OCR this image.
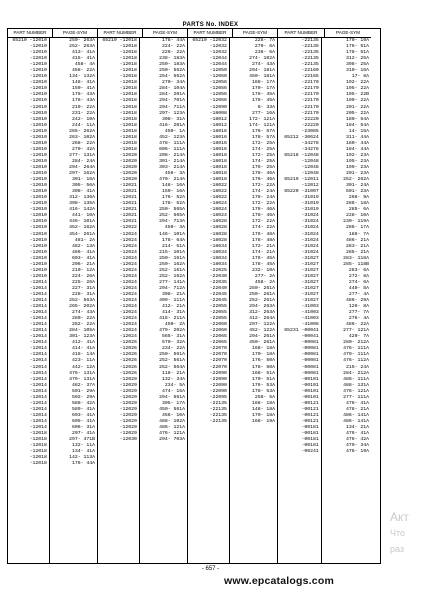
PARTS No. INDEX
PART NUMBER	PAGE-SYM
65210 -12010	250- 263A
-12010	252- 263A
-12010	413- 41A
-12010	415- 41A
-12010	458- 4A
-12010	458- 22A
-12010	134- 132A
-12010	148- 41A
-12010	150- 41A
-12010	178- 43A
-12010	178- 43A
-12010	219- 22A
-12010	231- 22A
-12010	242- 10A
-12010	244- 11A
-12010	265- 262A
-12010	263- 102A
-12010	268- 22A
-12010	270- 42A
-12010	277- 131A
-12010	284- 24A
-12010	294- 264A
-12010	297- 162A
-12010	301- 16A
-12010	305- 56A
-12010	308- 41A
-12010	312- 136A
-12010	398- 135A
-12010	416- 142A
-12010	441- 10A
-12010	446- 101A
-12010	452- 162A
-12010	454- 261A
-12010	481- 2A
-12010	482- 13A
-12010	486- 41A
-12010	603- 41A
-12010	206- 21A
-12010	210- 12A
-12010	224- 26A
-12014	225- 26A
-12014	227- 31A
-12014	228- 31A
-12014	252- 563A
-12014	265- 202A
-12014	274- 43A
-12014	280- 22A
-12014	282- 22A
-12014	284- 105A
-12014	301- 123A
-12014	412- 41A
-12014	414- 41A
-12014	418- 14A
-12014	423- 11A
-12014	442- 12A
-12014	476- 131A
-12014	479- 131A
-12014	482- 37A
-12014	501- 29A
-12014	502- 29A
-12014	588- 42A
-12014	589- 41A
-12014	603- 41A
-12014	605- 41A
-12014	606- 31A
-12018	207- 41A
-12018	297- 471B
-12018	132- 11A
-12018	134- 41A
-12018	142- 113A
-12018	176- 44A
PART NUMBER	PAGE-SYM
65210 -12018	178- 44A
-12018	224- 22A
-12018	226- 22A
-12018	238- 183A
-12018	250- 183A
-12018	250- 562A
-12018	254- 562A
-12018	270- 34A
-12018	284- 104A
-12018	284- 201A
-12018	294- 701A
-12018	294- 711A
-12018	297- 123A
-12018	308- 31A
-12018	416- 201A
-12018	450- 1A
-12018	452- 123A
-12018	478- 111A
-12018	606- 111A
-12020	208- 214A
-12020	301- 214A
-12020	303- 214A
-12020	456- 3A
-12020	470- 214A
-12021	148- 16A
-12021	150- 16A
-12021	176- 52A
-12021	178- 52A
-12021	250- 565A
-12021	252- 565A
-12021	294- 713A
-12022	450- 3A
-12024	146- 101A
-12024	178- 64A
-12024	214- 51A
-12024	215- 101A
-12024	250- 161A
-12024	250- 162A
-12024	252- 161A
-12024	252- 162A
-12024	277- 141A
-12024	294- 712A
-12024	308- 21A
-12024	409- 111A
-12024	412- 21A
-12024	414- 31A
-12024	415- 211A
-12024	450- 2A
-12024	479- 202A
-12024	565- 31A
-12026	570- 32A
-12026	234- 22A
-12026	250- 561A
-12026	252- 561A
-12026	252- 564A
-12026	118- 21A
-12029	132- 34A
-12029	234- 5A
-12029	474- 15A
-12029	294- 561A
-12029	305- 17A
-12029	450- 561A
-12029	456- 10A
-12029	488- 102A
-12029	486- 121A
-12029	476- 121A
-12030	294- 703A
PART NUMBER	PAGE-SYM
65210 -12032	228- 7A
-12032	270- 6A
-12032	238- 6A
-12044	274- 102A
-12044	274- 43A
-12050	294- 181A
-12050	450- 181A
-12056	168- 17A
-12056	170- 17A
-12056	178- 45A
-12056	178- 45A
-12090	6- 33A
-18008	277- 16A
-18012	172- 121A
-18012	174- 121A
-18016	176- 57A
-18016	178- 57A
-18016	172- 25A
-18016	174- 25A
-18016	172- 25A
-18018	174- 25A
-18018	176- 25A
-18018	178- 46A
-18018	176- 46A
-18022	172- 22A
-18022	174- 24A
-18022	178- 24A
-18024	172- 22A
-18024	176- 46A
-18024	178- 46A
-18028	172- 22A
-18028	174- 22A
-18028	176- 48A
-18028	178- 48A
-18034	172- 21A
-18034	174- 21A
-18034	176- 45A
-18034	178- 45A
-22025	232- 10A
-22030	277- 2A
-22035	458- 2A
-22040	250- 261A
-22045	250- 261A
-22045	252- 261A
-22055	294- 263A
-22055	312- 263A
-22055	412- 264A
-22060	297- 122A
-22060	452- 122A
-22065	294- 261A
-22065	450- 261A
-22070	168- 18A
-22070	170- 18A
-22070	176- 50A
-22070	178- 50A
-22090	168- 51A
-22090	170- 51A
-22090	176- 53A
-22090	178- 53A
-22095	258- 5A
-22135	168- 18A
-22135	148- 18A
-22135	170- 18A
-22135	168- 19A
PART NUMBER	PAGE-SYM
-22135	170- 19A
-22135	176- 51A
-22135	178- 51A
-22135	312- 25A
-22135	398- 25A
-22160	310- 16A
-22165	17- 8A
-22170	192- 22A
-22170	195- 22A
-22170	195- 22B
-22170	199- 22A
-22170	201- 22A
-22170	205- 22A
-22220	180- 54A
-22220	184- 54A
-23085	14- 15A
65212 -30624	311- 44A
-34278	180- 44A
-34278	184- 44A
65218 -12048	192- 23A
-12048	195- 23A
-12048	199- 23A
-12048	201- 23A
65219 -12011	252- 262A
-12012	301- 24A
65220 -31007	501- 23A
-31019	268- 9A
-31019	286- 18A
-31019	285- 6A
-31024	228- 10A
-31024	230- 119A
-31024	286- 17A
-31024	188- 7A
-31024	486- 21A
-31024	283- 21A
-31024	285- 21A
-31027	283- 118A
-31027	285- 118B
-31027	283- 6A
-31027	272- 8A
-31027	274- 6A
-31027	440- 8A
-31027	277- 4A
-31027	486- 29A
-41003	126- 8A
-41003	277- 7A
-41003	276- 4A
-41006	486- 22A
65231 -00041	277- 121A
-00041	420- 7A
-00081	280- 212A
-00081	476- 111A
-00081	479- 111A
-00081	476- 112A
-00081	215- 24A
-00081	284- 212A
-00101	486- 111A
-00101	488- 131A
-00101	476- 121A
-00101	277- 111A
-00121	476- 41A
-00121	478- 21A
-00121	486- 141A
-00121	486- 141A
-00181	134- 21A
-00181	476- 41A
-00181	476- 42A
-00181	479- 34A
-00241	476- 19A
- 657 -
www.epcatalogs.com
Акт
Что
раз
